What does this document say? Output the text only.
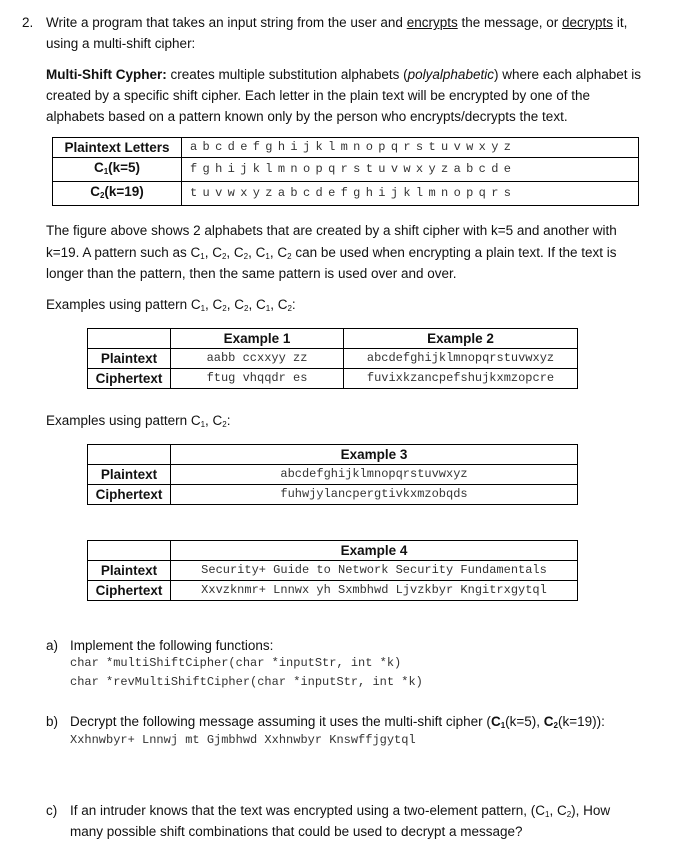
2. Write a program that takes an input string from the user and encrypts the message, or decrypts it,
using a multi-shift cipher:
Multi-Shift Cypher: creates multiple substitution alphabets (polyalphabetic) where each alphabet is
created by a specific shift cipher. Each letter in the plain text will be encrypted by one of the
alphabets based on a pattern known only by the person who encrypts/decrypts the text.
Plaintext Letters	abcdefghijklmnopqrstuvwxyz
$C_1(k=5)$	fghijklmnopqrstuvwxyzabcde
$C_2(k=19)$	tuvwxyzabcdefghijklmnopqrs
The figure above shows 2 alphabets that are created by a shift cipher with k=5 and another with
k=19. A pattern such as $C_1$, $C_2$, $C_2$, $C_1$, $C_2$ can be used when encrypting a plain text. If the text is
longer than the pattern, then the same pattern is used over and over.
Examples using pattern $C_1$, $C_2$, $C_2$, $C_1$, $C_2$:
	Example 1	Example 2
Plaintext	aabb ccxxyy zz	abcdefghijklmnopqrstuvwxyz
Ciphertext	ftug vhqqdr es	fuvixkzancpefshujkxmzopcre
Examples using pattern $C_1$, $C_2$:
	Example 3
Plaintext	abcdefghijklmnopqrstuvwxyz
Ciphertext	fuhwjylancpergtivkxmzobqds
	Example 4
Plaintext	Security+ Guide to Network Security Fundamentals
Ciphertext	Xxvzknmr+ Lnnwx yh Sxmbhwd Ljvzkbyr Kngitrxgytql
a) Implement the following functions:
char *multiShiftCipher(char *inputStr, int *k)
char *revMultiShiftCipher(char *inputStr, int *k)
b) Decrypt the following message assuming it uses the multi-shift cipher ($C_1(k=5)$, $C_2(k=19)$):
Xxhnwbyr+ Lnnwj mt Gjmbhwd Xxhnwbyr Knswffjgytql
c) If an intruder knows that the text was encrypted using a two-element pattern, ($C_1$, $C_2$), How
many possible shift combinations that could be used to decrypt a message?
